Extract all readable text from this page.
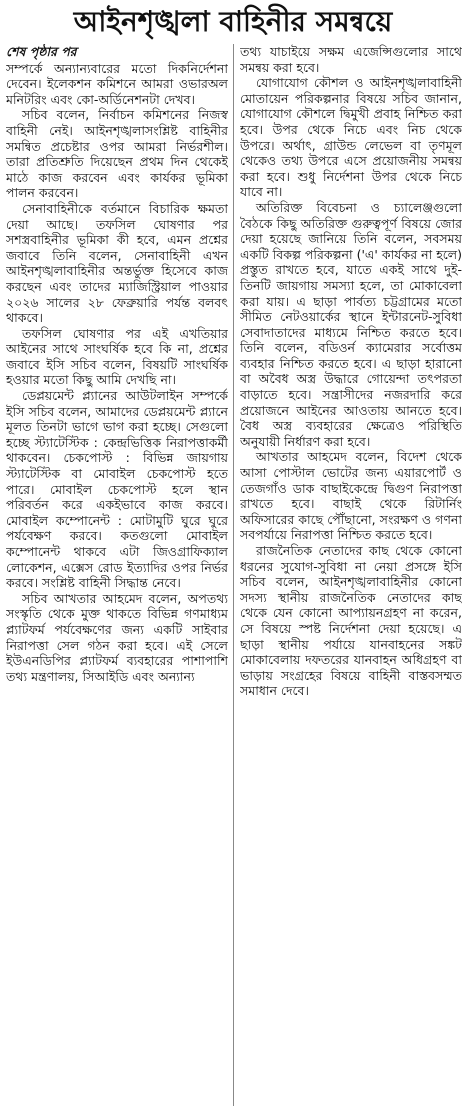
আইনশৃঙ্খলা বাহিনীর সমন্বয়ে
শেষ পৃষ্ঠার পর

সম্পর্কে অন্যান্যবারের মতো দিকনির্দেশনা দেবেন। ইলেকশন কমিশনে আমরা ওভারঅল মনিটরিং এবং কো-অর্ডিনেশনটা দেখব।

সচিব বলেন, নির্বাচন কমিশনের নিজস্ব বাহিনী নেই। আইনশৃঙ্খলাসংশ্লিষ্ট বাহিনীর সমন্বিত প্রচেষ্টার ওপর আমরা নির্ভরশীল। তারা প্রতিশ্রুতি দিয়েছেন প্রথম দিন থেকেই মাঠে কাজ করবেন এবং কার্যকর ভূমিকা পালন করবেন।

সেনাবাহিনীকে বর্তমানে বিচারিক ক্ষমতা দেয়া আছে। তফসিল ঘোষণার পর সশস্ত্রবাহিনীর ভূমিকা কী হবে, এমন প্রশ্নের জবাবে তিনি বলেন, সেনাবাহিনী এখন আইনশৃঙ্খলাবাহিনীর অন্তর্ভুক্ত হিসেবে কাজ করছেন এবং তাদের ম্যাজিস্ট্রিয়াল পাওয়ার ২০২৬ সালের ২৮ ফেব্রুয়ারি পর্যন্ত বলবৎ থাকবে।

তফসিল ঘোষণার পর এই এখতিয়ার আইনের সাথে সাংঘর্ষিক হবে কি না, প্রশ্নের জবাবে ইসি সচিব বলেন, বিষয়টি সাংঘর্ষিক হওয়ার মতো কিছু আমি দেখছি না।

ডেপ্লয়মেন্ট প্ল্যানের আউটলাইন সম্পর্কে ইসি সচিব বলেন, আমাদের ডেপ্লয়মেন্ট প্ল্যানে মূলত তিনটা ভাগে ভাগ করা হচ্ছে। সেগুলো হচ্ছে স্ট্যাটেস্টিক : কেন্দ্রভিত্তিক নিরাপত্তাকর্মী থাকবেন। চেকপোস্ট : বিভিন্ন জায়গায় স্ট্যাটেস্টিক বা মোবাইল চেকপোস্ট হতে পারে। মোবাইল চেকপোস্ট হলে স্থান পরিবর্তন করে একইভাবে কাজ করবে। মোবাইল কম্পোনেন্ট : মোটামুটি ঘুরে ঘুরে পর্যবেক্ষণ করবে। কতগুলো মোবাইল কম্পোনেন্ট থাকবে এটা জিওগ্রাফিক্যাল লোকেশন, এক্সেস রোড ইত্যাদির ওপর নির্ভর করবে। সংশ্লিষ্ট বাহিনী সিদ্ধান্ত নেবে।

সচিব আখতার আহমেদ বলেন, অপতথ্য সংস্কৃতি থেকে মুক্ত থাকতে বিভিন্ন গণমাধ্যম প্ল্যাটফর্ম পর্যবেক্ষণের জন্য একটি সাইবার নিরাপত্তা সেল গঠন করা হবে। এই সেলে ইউএনডিপির প্ল্যাটফর্ম ব্যবহারের পাশাপাশি তথ্য মন্ত্রণালয়, সিআইডি এবং অন্যান্য

তথ্য যাচাইয়ে সক্ষম এজেন্সিগুলোর সাথে সমন্বয় করা হবে।

যোগাযোগ কৌশল ও আইনশৃঙ্খলাবাহিনী মোতায়েন পরিকল্পনার বিষয়ে সচিব জানান, যোগাযোগ কৌশলে দ্বিমুখী প্রবাহ নিশ্চিত করা হবে। উপর থেকে নিচে এবং নিচ থেকে উপরে। অর্থাৎ, গ্রাউন্ড লেভেল বা তৃণমূল থেকেও তথ্য উপরে এসে প্রয়োজনীয় সমন্বয় করা হবে। শুধু নির্দেশনা উপর থেকে নিচে যাবে না।

অতিরিক্ত বিবেচনা ও চ্যালেঞ্জগুলো বৈঠকে কিছু অতিরিক্ত গুরুত্বপূর্ণ বিষয়ে জোর দেয়া হয়েছে জানিয়ে তিনি বলেন, সবসময় একটি বিকল্প পরিকল্পনা ('এ' কার্যকর না হলে) প্রস্তুত রাখতে হবে, যাতে একই সাথে দুই-তিনটি জায়গায় সমস্যা হলে, তা মোকাবেলা করা যায়। এ ছাড়া পার্বত্য চট্টগ্রামের মতো সীমিত নেটওয়ার্কের স্থানে ইন্টারনেট-সুবিধা সেবাদাতাদের মাধ্যমে নিশ্চিত করতে হবে। তিনি বলেন, বডিওর্ন ক্যামেরার সর্বোত্তম ব্যবহার নিশ্চিত করতে হবে। এ ছাড়া হারানো বা অবৈধ অস্ত্র উদ্ধারে গোয়েন্দা তৎপরতা বাড়াতে হবে। সন্ত্রাসীদের নজরদারি করে প্রয়োজনে আইনের আওতায় আনতে হবে। বৈধ অস্ত্র ব্যবহারের ক্ষেত্রেও পরিস্থিতি অনুযায়ী নির্ধারণ করা হবে।

আখতার আহমেদ বলেন, বিদেশ থেকে আসা পোস্টাল ভোটের জন্য এয়ারপোর্ট ও তেজগাঁও ডাক বাছাইকেন্দ্রে দ্বিগুণ নিরাপত্তা রাখতে হবে। বাছাই থেকে রিটার্নিং অফিসারের কাছে পৌঁছানো, সংরক্ষণ ও গণনা সবপর্যায়ে নিরাপত্তা নিশ্চিত করতে হবে।

রাজনৈতিক নেতাদের কাছ থেকে কোনো ধরনের সুযোগ-সুবিধা না নেয়া প্রসঙ্গে ইসি সচিব বলেন, আইনশৃঙ্খলাবাহিনীর কোনো সদস্য স্থানীয় রাজনৈতিক নেতাদের কাছ থেকে যেন কোনো আপ্যায়নগ্রহণ না করেন, সে বিষয়ে স্পষ্ট নির্দেশনা দেয়া হয়েছে। এ ছাড়া স্থানীয় পর্যায়ে যানবাহনের সঙ্কট মোকাবেলায় দফতরের যানবাহন অধিগ্রহণ বা ভাড়ায় সংগ্রহের বিষয়ে বাহিনী বাস্তবসম্মত সমাধান দেবে।
